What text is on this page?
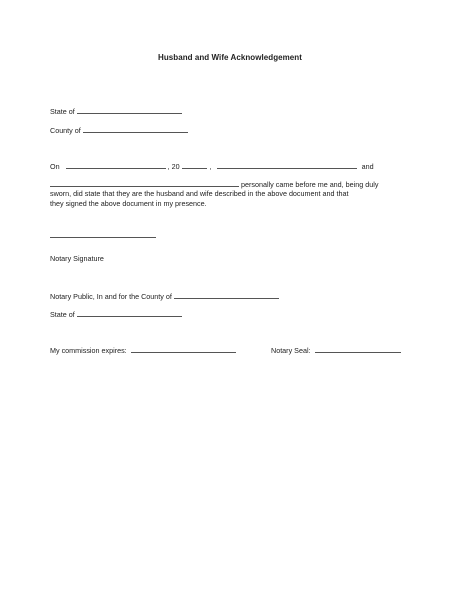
Husband and Wife Acknowledgement
State of
County of
On	, 20	,	and
personally came before me and, being duly
sworn, did state that they are the husband and wife described in the above document and that
they signed the above document in my presence.
Notary Signature
Notary Public, In and for the County of
State of
My commission expires:	Notary Seal:
